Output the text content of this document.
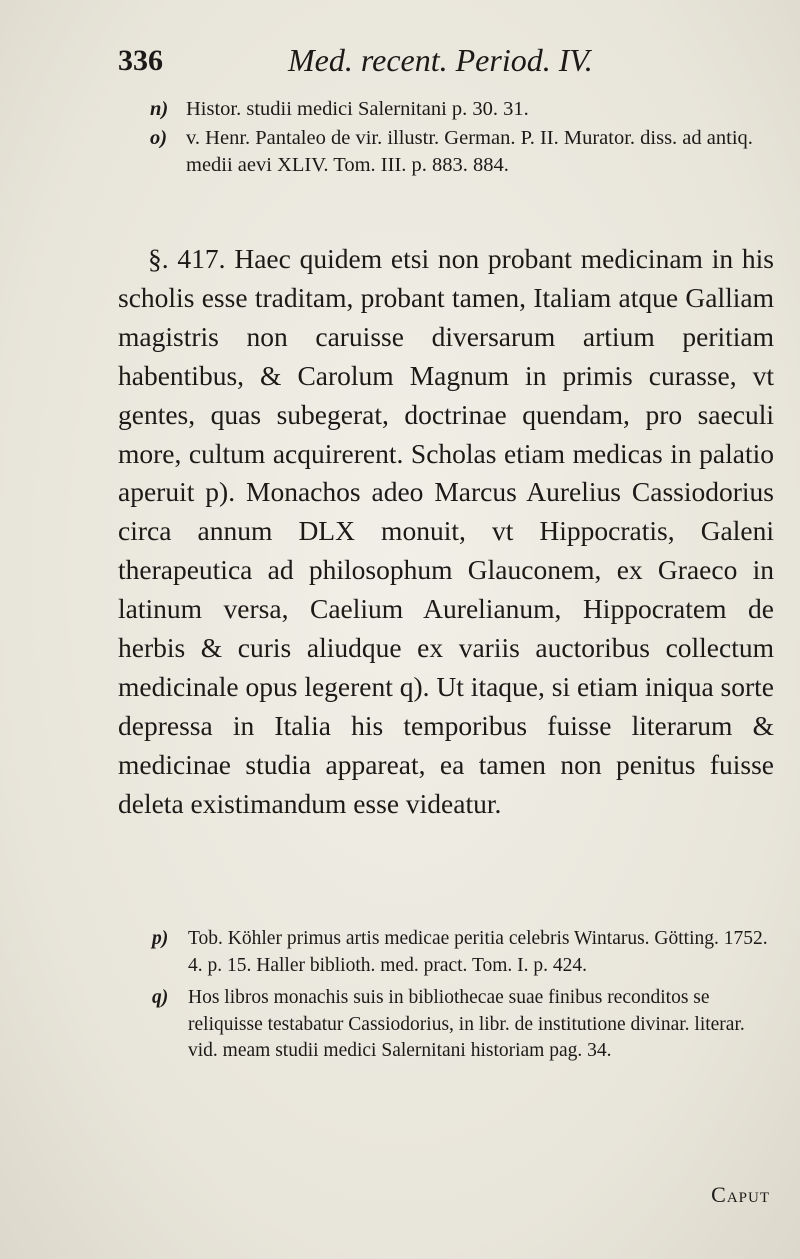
336	Med. recent. Period. IV.

n) Histor. studii medici Salernitani p. 30. 31.

o) v. Henr. Pantaleo de vir. illustr. German. P. II. Murator. diss. ad antiq. medii aevi XLIV. Tom. III. p. 883. 884.

§. 417. Haec quidem etsi non probant medicinam in his scholis esse traditam, probant tamen, Italiam atque Galliam magistris non caruisse diversarum artium peritiam habentibus, & Carolum Magnum in primis curasse, vt gentes, quas subegerat, doctrinae quendam, pro saeculi more, cultum acquirerent. Scholas etiam medicas in palatio aperuit p). Monachos adeo Marcus Aurelius Cassiodorius circa annum DLX monuit, vt Hippocratis, Galeni therapeutica ad philosophum Glauconem, ex Graeco in latinum versa, Caelium Aurelianum, Hippocratem de herbis & curis aliudque ex variis auctoribus collectum medicinale opus legerent q). Ut itaque, si etiam iniqua sorte depressa in Italia his temporibus fuisse literarum & medicinae studia appareat, ea tamen non penitus fuisse deleta existimandum esse videatur.

p) Tob. Köhler primus artis medicae peritia celebris Wintarus. Götting. 1752. 4. p. 15. Haller biblioth. med. pract. Tom. I. p. 424.

q) Hos libros monachis suis in bibliothecae suae finibus reconditos se reliquisse testabatur Cassiodorius, in libr. de institutione divinar. literar. vid. meam studii medici Salernitani historiam pag. 34.

Caput
